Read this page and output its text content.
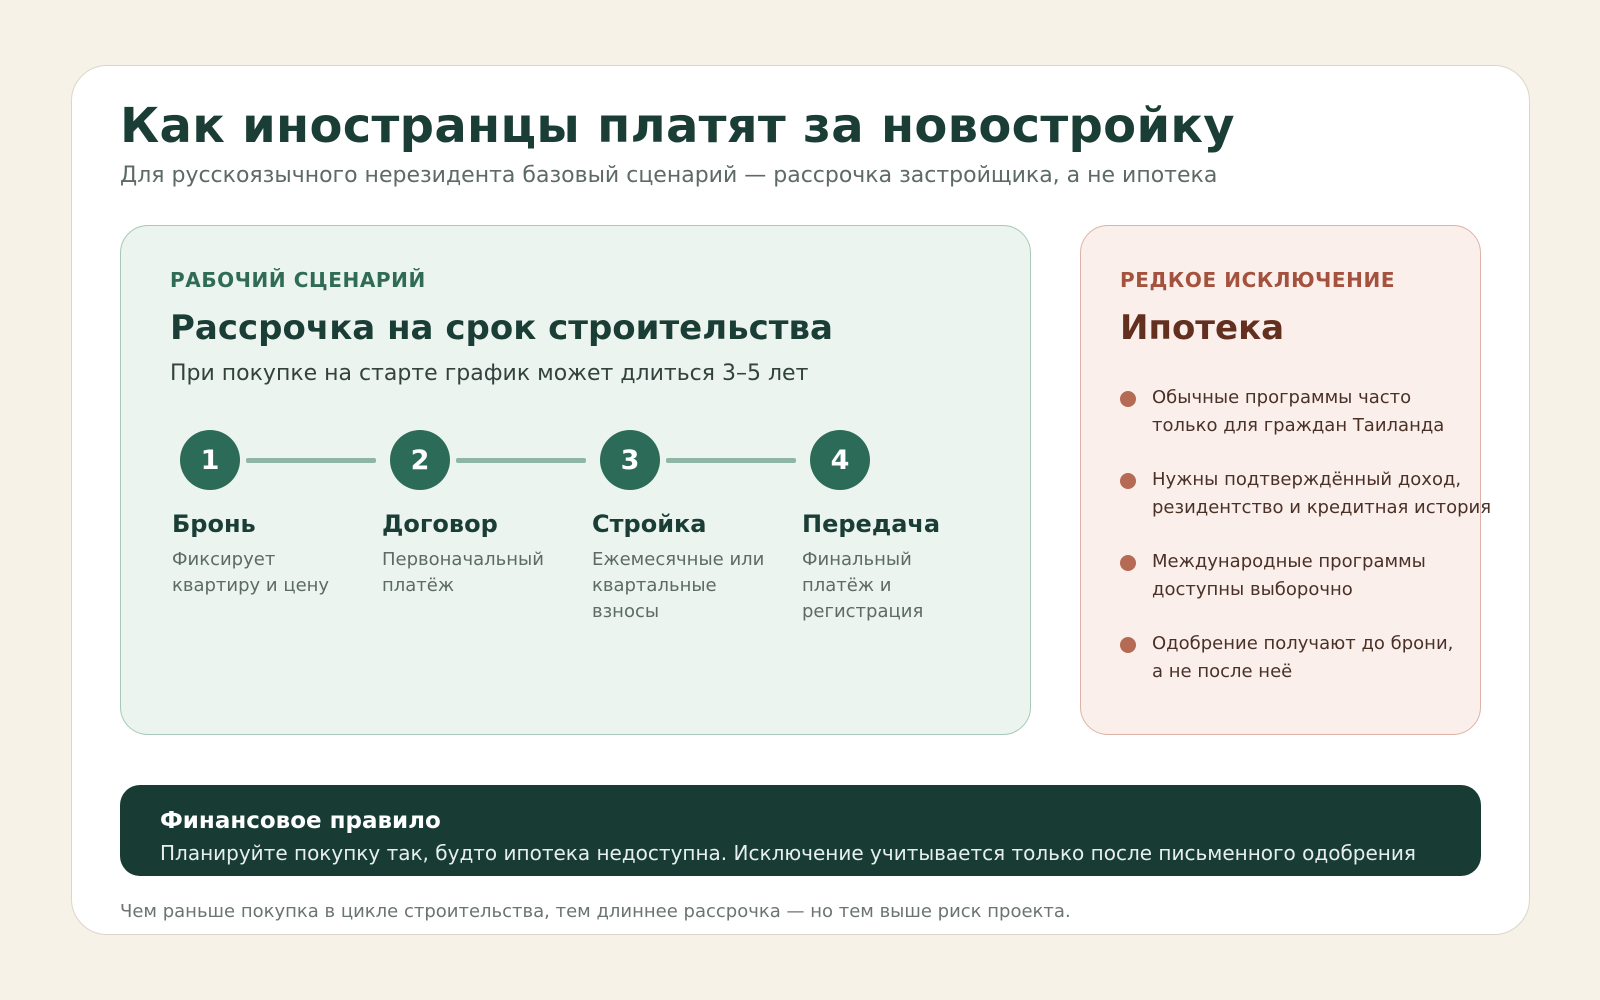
Как иностранцы платят за новостройку

Для русскоязычного нерезидента базовый сценарий — рассрочка застройщика, а не ипотека

РАБОЧИЙ СЦЕНАРИЙ
Рассрочка на срок строительства
При покупке на старте график может длиться 3–5 лет
1	2	3	4
Бронь	Договор	Стройка	Передача
Фиксирует квартиру и цену
Первоначальный платёж
Ежемесячные или квартальные взносы
Финальный платёж и регистрация
РЕДКОЕ ИСКЛЮЧЕНИЕ
Ипотека
Обычные программы часто
только для граждан Таиланда
Нужны подтверждённый доход,
резидентство и кредитная история
Международные программы
доступны выборочно
Одобрение получают до брони,
а не после неё
Финансовое правило
Планируйте покупку так, будто ипотека недоступна. Исключение учитывается только после письменного одобрения
Чем раньше покупка в цикле строительства, тем длиннее рассрочка — но тем выше риск проекта.
